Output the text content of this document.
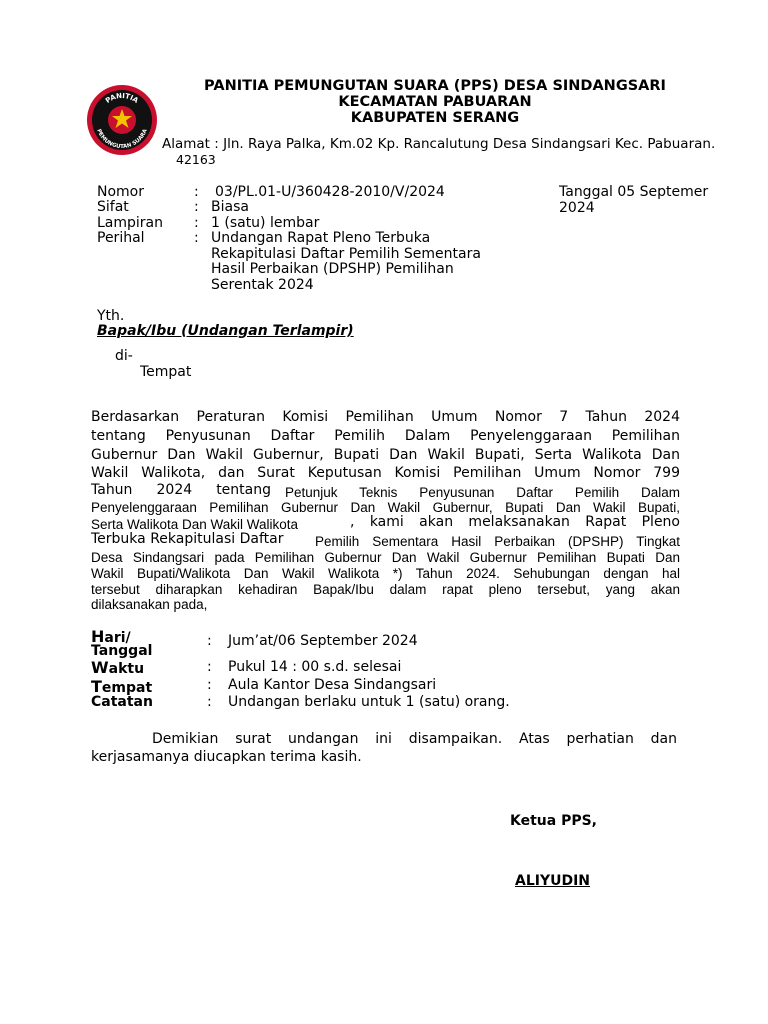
PANITIA
PEMUNGUTAN SUARA
PANITIA PEMUNGUTAN SUARA (PPS) DESA SINDANGSARI
KECAMATAN PABUARAN
KABUPATEN SERANG
Alamat : Jln. Raya Palka, Km.02 Kp. Rancalutung Desa Sindangsari Kec. Pabuaran.
42163
Nomor	: 03/PL.01-U/360428-2010/V/2024
Sifat	: Biasa
Lampiran : 1 (satu) lembar
Perihal	: Undangan Rapat Pleno Terbuka
Rekapitulasi Daftar Pemilih Sementara
Hasil Perbaikan (DPSHP) Pemilihan
Serentak 2024
Tanggal 05 Septemer
2024
Yth.
Bapak/Ibu (Undangan Terlampir)
di-
Tempat
Berdasarkan Peraturan Komisi Pemilihan Umum Nomor 7 Tahun 2024
tentang Penyusunan Daftar Pemilih Dalam Penyelenggaraan Pemilihan
Gubernur Dan Wakil Gubernur, Bupati Dan Wakil Bupati, Serta Walikota Dan
Wakil Walikota, dan Surat Keputusan Komisi Pemilihan Umum Nomor 799
Tahun 2024 tentang Petunjuk Teknis Penyusunan Daftar Pemilih Dalam
Penyelenggaraan Pemilihan Gubernur Dan Wakil Gubernur, Bupati Dan Wakil Bupati,
Serta Walikota Dan Wakil Walikota	, kami akan melaksanakan Rapat Pleno
Terbuka Rekapitulasi Daftar Pemilih Sementara Hasil Perbaikan (DPSHP) Tingkat
Desa Sindangsari pada Pemilihan Gubernur Dan Wakil Gubernur Pemilihan Bupati Dan
Wakil Bupati/Walikota Dan Wakil Walikota *) Tahun 2024. Sehubungan dengan hal
tersebut diharapkan kehadiran Bapak/Ibu dalam rapat pleno tersebut, yang akan
dilaksanakan pada,
Hari/
Tanggal
: Jum’at/06 September 2024
Waktu	: Pukul 14 : 00 s.d. selesai
Tempat	: Aula Kantor Desa Sindangsari
Catatan	: Undangan berlaku untuk 1 (satu) orang.
Demikian surat undangan ini disampaikan. Atas perhatian dan
kerjasamanya diucapkan terima kasih.
Ketua PPS,
ALIYUDIN
